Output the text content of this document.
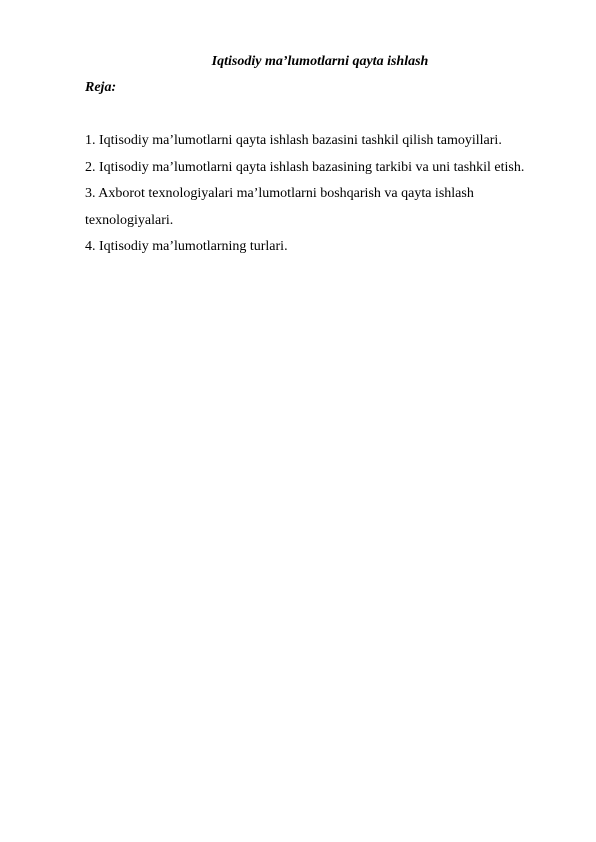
Iqtisodiy ma’lumotlarni qayta ishlash
Reja:
1. Iqtisodiy ma’lumotlarni qayta ishlash bazasini tashkil qilish tamoyillari.
2. Iqtisodiy ma’lumotlarni qayta ishlash bazasining tarkibi va uni tashkil etish.
3. Axborot texnologiyalari ma’lumotlarni boshqarish va qayta ishlash
texnologiyalari.
4. Iqtisodiy ma’lumotlarning turlari.
